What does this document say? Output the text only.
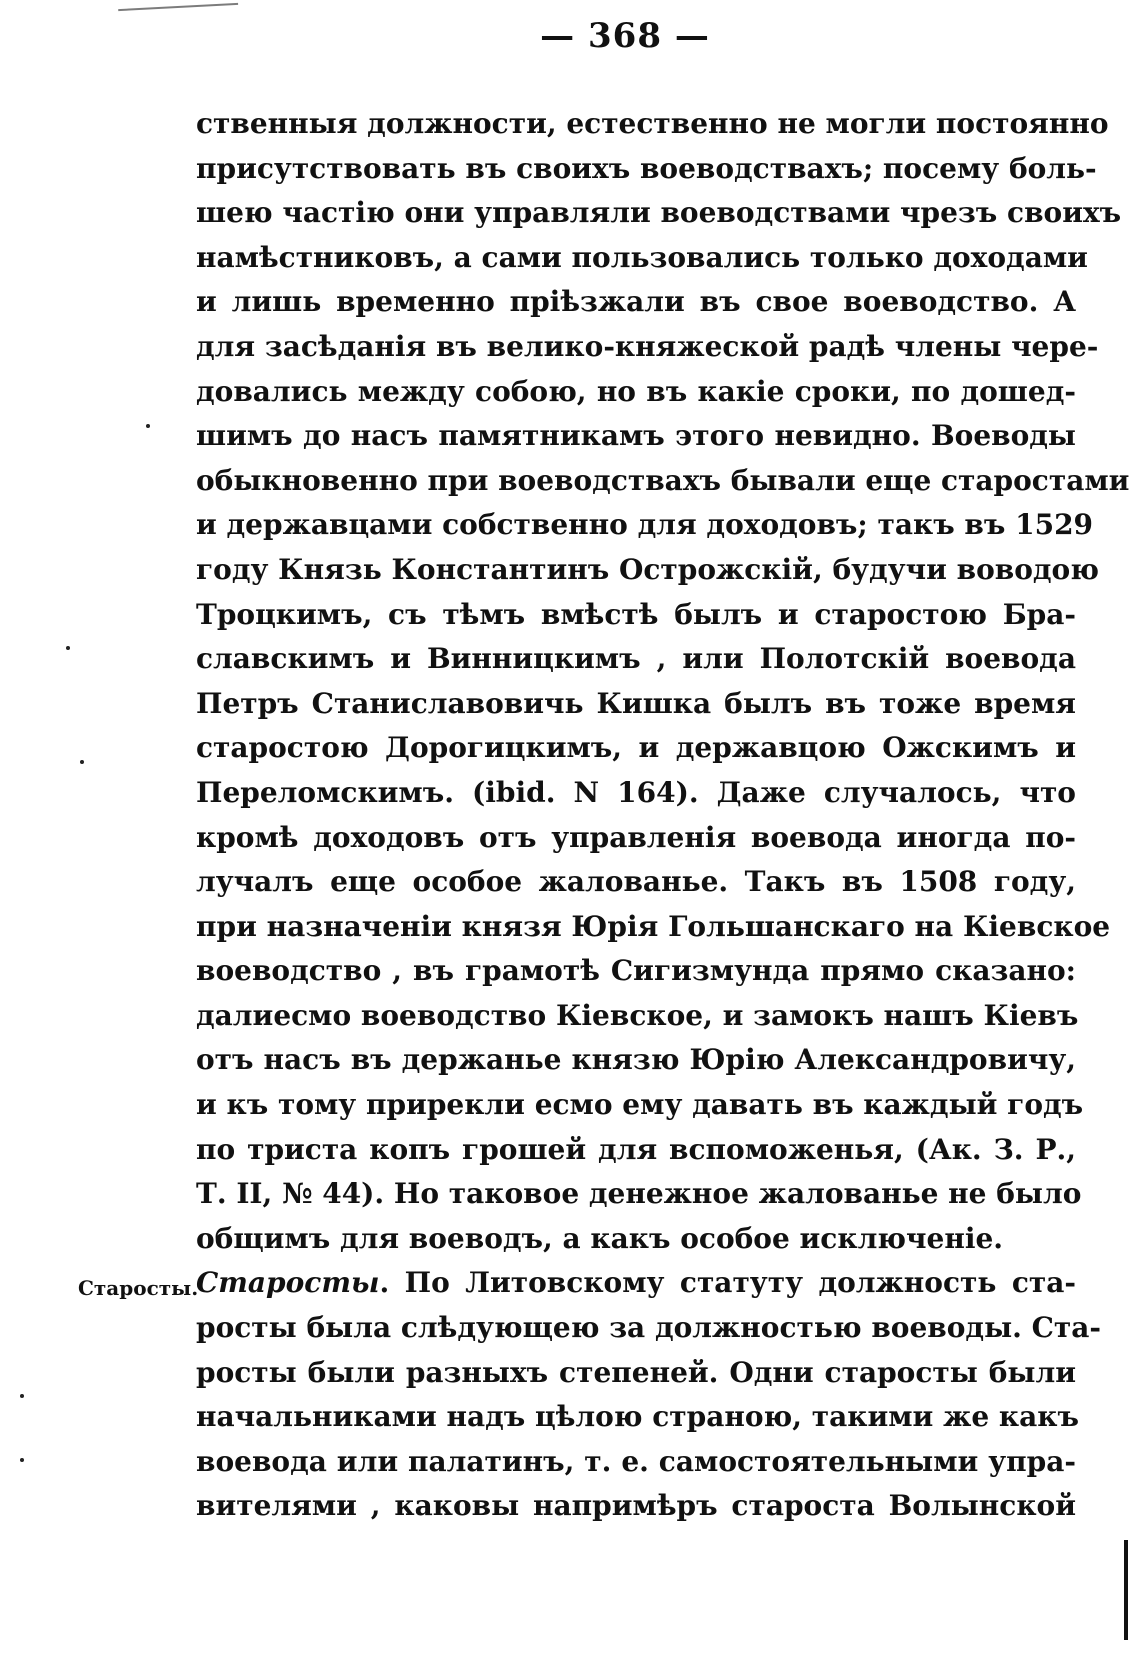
— 368 —
ственныя должности, естественно не могли постоянно
присутствовать въ своихъ воеводствахъ; посему боль-
шею частію они управляли воеводствами чрезъ своихъ
намѣстниковъ, а сами пользовались только доходами
и лишь временно пріѣзжали въ свое воеводство. А
для засѣданія въ велико-княжеской радѣ члены чере-
довались между собою, но въ какіе сроки, по дошед-
шимъ до насъ памятникамъ этого невидно. Воеводы
обыкновенно при воеводствахъ бывали еще старостами
и державцами собственно для доходовъ; такъ въ 1529
году Князь Константинъ Острожскій, будучи вoводою
Троцкимъ, съ тѣмъ вмѣстѣ былъ и старостою Бра-
славскимъ и Винницкимъ , или Полотскій воевода
Петръ Станиславовичь Кишка былъ въ тоже время
старостою Дорогицкимъ, и державцою Ожскимъ и
Переломскимъ. (ibid. N 164). Даже случалось, что
кромѣ доходовъ отъ управленія воевода иногда по-
лучалъ еще особое жалованье. Такъ въ 1508 году,
при назначеніи князя Юрія Гольшанскаго на Кіевское
воеводство , въ грамотѣ Сигизмунда прямо сказано:
далиесмо воеводство Кіевское, и замокъ нашъ Кіевъ
отъ насъ въ держанье князю Юрію Александровичу,
и къ тому прирекли есмо ему давать въ каждый годъ
по триста копъ грошей для вспоможенья, (Ак. З. Р.,
Т. II, № 44). Но таковое денежное жалованье не было
общимъ для воеводъ, а какъ особое исключеніе.
Старосты. По Литовскому статуту должность ста-
росты была слѣдующею за должностью воеводы. Ста-
росты были разныхъ степеней. Одни старосты были
начальниками надъ цѣлою страною, такими же какъ
воевода или палатинъ, т. е. самостоятельными упра-
вителями , каковы напримѣръ староста Волынской
Старосты.
